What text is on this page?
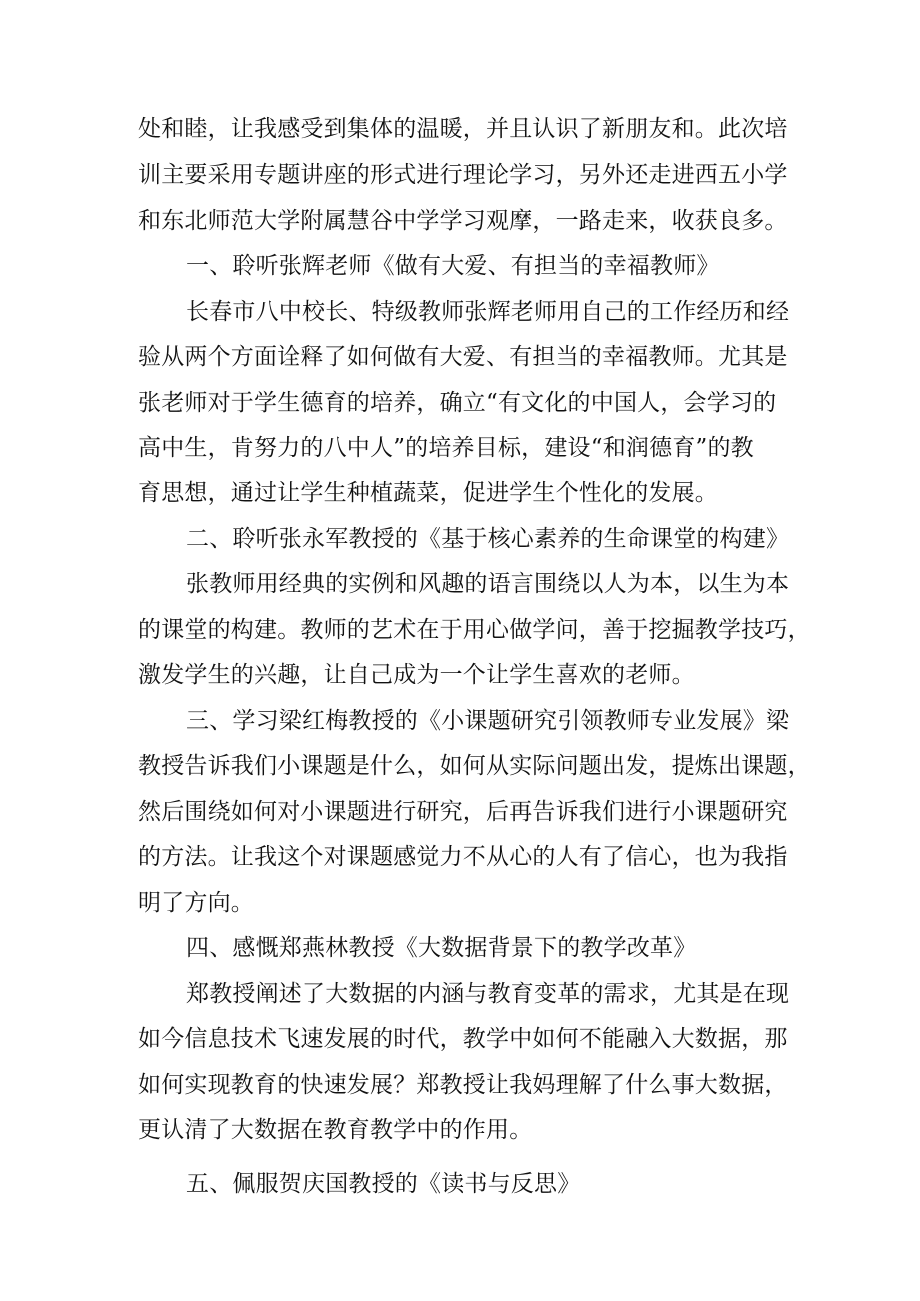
处和睦，让我感受到集体的温暖，并且认识了新朋友和。此次培
训主要采用专题讲座的形式进行理论学习，另外还走进西五小学
和东北师范大学附属慧谷中学学习观摩，一路走来，收获良多。
一、聆听张辉老师《做有大爱、有担当的幸福教师》
长春市八中校长、特级教师张辉老师用自己的工作经历和经
验从两个方面诠释了如何做有大爱、有担当的幸福教师。尤其是
张老师对于学生德育的培养，确立“有文化的中国人，会学习的
高中生，肯努力的八中人”的培养目标，建设“和润德育”的教
育思想，通过让学生种植蔬菜，促进学生个性化的发展。
二、聆听张永军教授的《基于核心素养的生命课堂的构建》
张教师用经典的实例和风趣的语言围绕以人为本，以生为本
的课堂的构建。教师的艺术在于用心做学问，善于挖掘教学技巧，
激发学生的兴趣，让自己成为一个让学生喜欢的老师。
三、学习梁红梅教授的《小课题研究引领教师专业发展》梁
教授告诉我们小课题是什么，如何从实际问题出发，提炼出课题，
然后围绕如何对小课题进行研究，后再告诉我们进行小课题研究
的方法。让我这个对课题感觉力不从心的人有了信心，也为我指
明了方向。
四、感慨郑燕林教授《大数据背景下的教学改革》
郑教授阐述了大数据的内涵与教育变革的需求，尤其是在现
如今信息技术飞速发展的时代，教学中如何不能融入大数据，那
如何实现教育的快速发展？郑教授让我妈理解了什么事大数据，
更认清了大数据在教育教学中的作用。
五、佩服贺庆国教授的《读书与反思》
